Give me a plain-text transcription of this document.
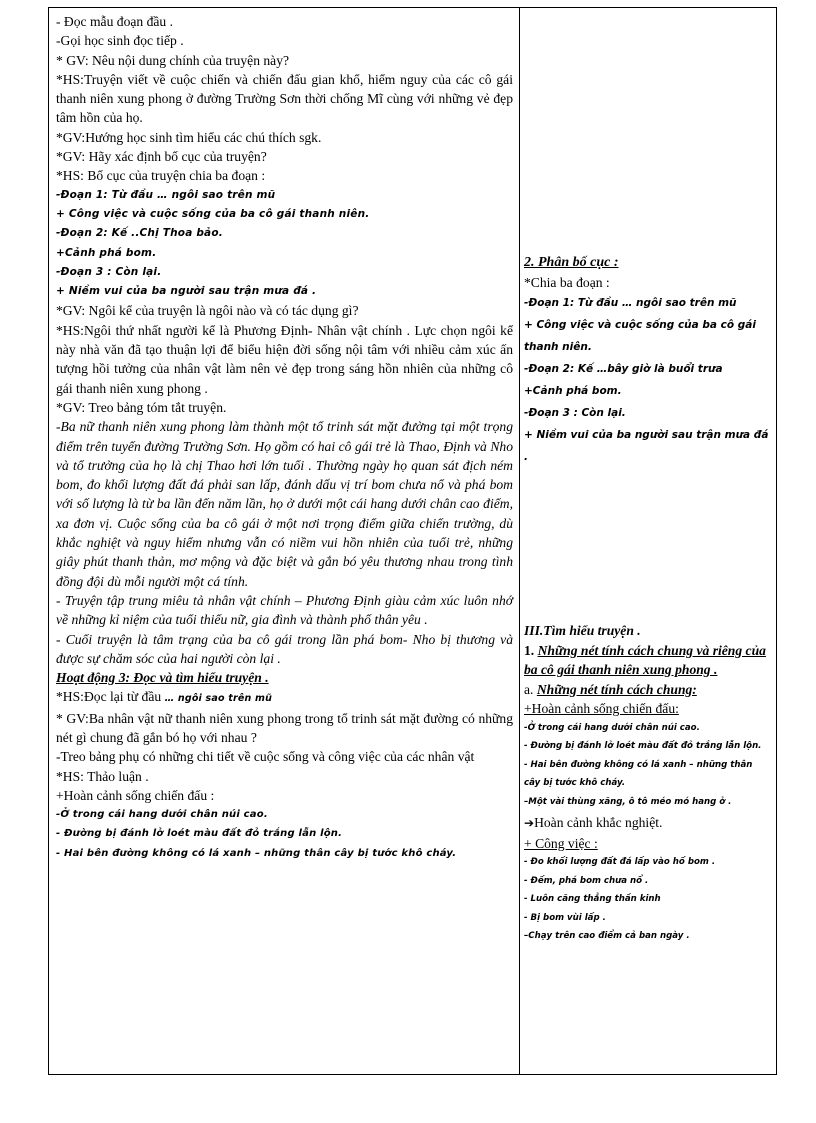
- Đọc mẫu đoạn đầu .

-Gọi học sinh đọc tiếp .

* GV: Nêu nội dung chính của truyện này?

*HS:Truyện viết về cuộc chiến và chiến đấu gian khổ, hiểm nguy của các cô gái thanh niên xung phong ở đường Trường Sơn thời chống Mĩ cùng với những vẻ đẹp tâm hồn của họ.

*GV:Hướng học sinh tìm hiểu các chú thích sgk.

*GV: Hãy xác định bố cục của truyện?

*HS: Bố cục của truyện chia ba đoạn :

-Đoạn 1: Từ đầu … ngôi sao trên mũ

+ Công việc và cuộc sống của ba cô gái thanh niên.

-Đoạn 2: Kế ..Chị Thoa bảo.

+Cảnh phá bom.

-Đoạn 3 : Còn lại.

+ Niềm vui của ba người sau trận mưa đá .

*GV: Ngôi kể của truyện là ngôi nào và có tác dụng gì?

*HS:Ngôi thứ nhất người kể là Phương Định- Nhân vật chính . Lực chọn ngôi kể này nhà văn đã tạo thuận lợi để biểu hiện đời sống nội tâm với nhiều cảm xúc ấn tượng hồi tưởng của nhân vật làm nên vẻ đẹp trong sáng hồn nhiên của những cô gái thanh niên xung phong .

*GV: Treo bảng tóm tắt truyện.

-Ba nữ thanh niên xung phong làm thành một tổ trinh sát mặt đường tại một trọng điểm trên tuyến đường Trường Sơn. Họ gồm có hai cô gái trẻ là Thao, Định và Nho và tổ trưởng của họ là chị Thao hơi lớn tuổi . Thường ngày họ quan sát địch ném bom, đo khối lượng đất đá phải san lấp, đánh dấu vị trí bom chưa nổ và phá bom với số lượng là từ ba lần đến năm lần, họ ở dưới một cái hang dưới chân cao điểm, xa đơn vị. Cuộc sống của ba cô gái ở một nơi trọng điểm giữa chiến trường, dù khắc nghiệt và nguy hiểm nhưng vẫn có niềm vui hồn nhiên của tuổi trẻ, những giây phút thanh thản, mơ mộng và đặc biệt và gắn bó yêu thương nhau trong tình đồng đội dù mỗi người một cá tính.

- Truyện tập trung miêu tả nhân vật chính – Phương Định giàu cảm xúc luôn nhớ về những kỉ niệm của tuổi thiếu nữ, gia đình và thành phố thân yêu .

- Cuối truyện là tâm trạng của ba cô gái trong lần phá bom- Nho bị thương và được sự chăm sóc của hai người còn lại .

Hoạt động 3: Đọc và tìm hiểu truyện .

*HS:Đọc lại từ đầu … ngôi sao trên mũ

* GV:Ba nhân vật nữ thanh niên xung phong trong tổ trinh sát mặt đường có những nét gì chung đã gắn bó họ với nhau ?

-Treo bảng phụ có những chi tiết về cuộc sống và công việc của các nhân vật

*HS: Thảo luận .

+Hoàn cảnh sống chiến đấu :

-Ở trong cái hang dưới chân núi cao.

- Đường bị đánh lở loét màu đất đỏ trắng lẫn lộn.

- Hai bên đường không có lá xanh – những thân cây bị tước khô cháy.

2. Phân bố cục :

*Chia ba đoạn :

-Đoạn 1: Từ đầu … ngôi sao trên mũ

+ Công việc và cuộc sống của ba cô gái thanh niên.

-Đoạn 2: Kế …bây giờ là buổi trưa

+Cảnh phá bom.

-Đoạn 3 : Còn lại.

+ Niềm vui của ba người sau trận mưa đá .

III.Tìm hiểu truyện .

1. Những nét tính cách chung và riêng của ba cô gái thanh niên xung phong .

a. Những nét tính cách chung:

+Hoàn cảnh sống chiến đấu:

-Ở trong cái hang dưới chân núi cao.

- Đường bị đánh lở loét màu đất đỏ trắng lẫn lộn.

- Hai bên đường không có lá xanh – những thân cây bị tước khô cháy.

–Một vài thùng xăng, ô tô méo mó hang ở .

➔Hoàn cảnh khắc nghiệt.

+ Công việc :

- Đo khối lượng đất đá lấp vào hố bom .

- Đếm, phá bom chưa nổ .

- Luôn căng thẳng thần kinh

- Bị bom vùi lấp .

–Chạy trên cao điểm cả ban ngày .
